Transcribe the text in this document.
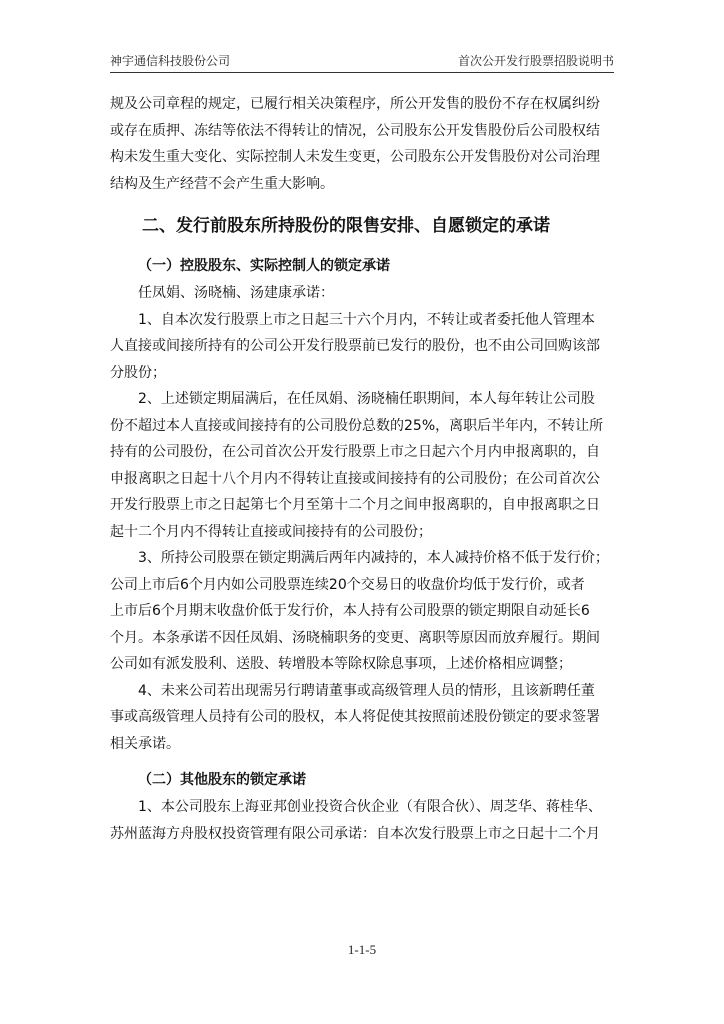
神宇通信科技股份公司	首次公开发行股票招股说明书
规及公司章程的规定，已履行相关决策程序，所公开发售的股份不存在权属纠纷
或存在质押、冻结等依法不得转让的情况，公司股东公开发售股份后公司股权结
构未发生重大变化、实际控制人未发生变更，公司股东公开发售股份对公司治理
结构及生产经营不会产生重大影响。
二、发行前股东所持股份的限售安排、自愿锁定的承诺
（一）控股股东、实际控制人的锁定承诺
任凤娟、汤晓楠、汤建康承诺：
1、自本次发行股票上市之日起三十六个月内，不转让或者委托他人管理本
人直接或间接所持有的公司公开发行股票前已发行的股份，也不由公司回购该部
分股份；
2、上述锁定期届满后，在任凤娟、汤晓楠任职期间，本人每年转让公司股
份不超过本人直接或间接持有的公司股份总数的25%，离职后半年内，不转让所
持有的公司股份，在公司首次公开发行股票上市之日起六个月内申报离职的，自
申报离职之日起十八个月内不得转让直接或间接持有的公司股份；在公司首次公
开发行股票上市之日起第七个月至第十二个月之间申报离职的，自申报离职之日
起十二个月内不得转让直接或间接持有的公司股份；
3、所持公司股票在锁定期满后两年内减持的，本人减持价格不低于发行价；
公司上市后6个月内如公司股票连续20个交易日的收盘价均低于发行价，或者
上市后6个月期末收盘价低于发行价，本人持有公司股票的锁定期限自动延长6
个月。本条承诺不因任凤娟、汤晓楠职务的变更、离职等原因而放弃履行。期间
公司如有派发股利、送股、转增股本等除权除息事项，上述价格相应调整；
4、未来公司若出现需另行聘请董事或高级管理人员的情形，且该新聘任董
事或高级管理人员持有公司的股权，本人将促使其按照前述股份锁定的要求签署
相关承诺。
（二）其他股东的锁定承诺
1、本公司股东上海亚邦创业投资合伙企业（有限合伙）、周芝华、蒋桂华、
苏州蓝海方舟股权投资管理有限公司承诺：自本次发行股票上市之日起十二个月
1-1-5
